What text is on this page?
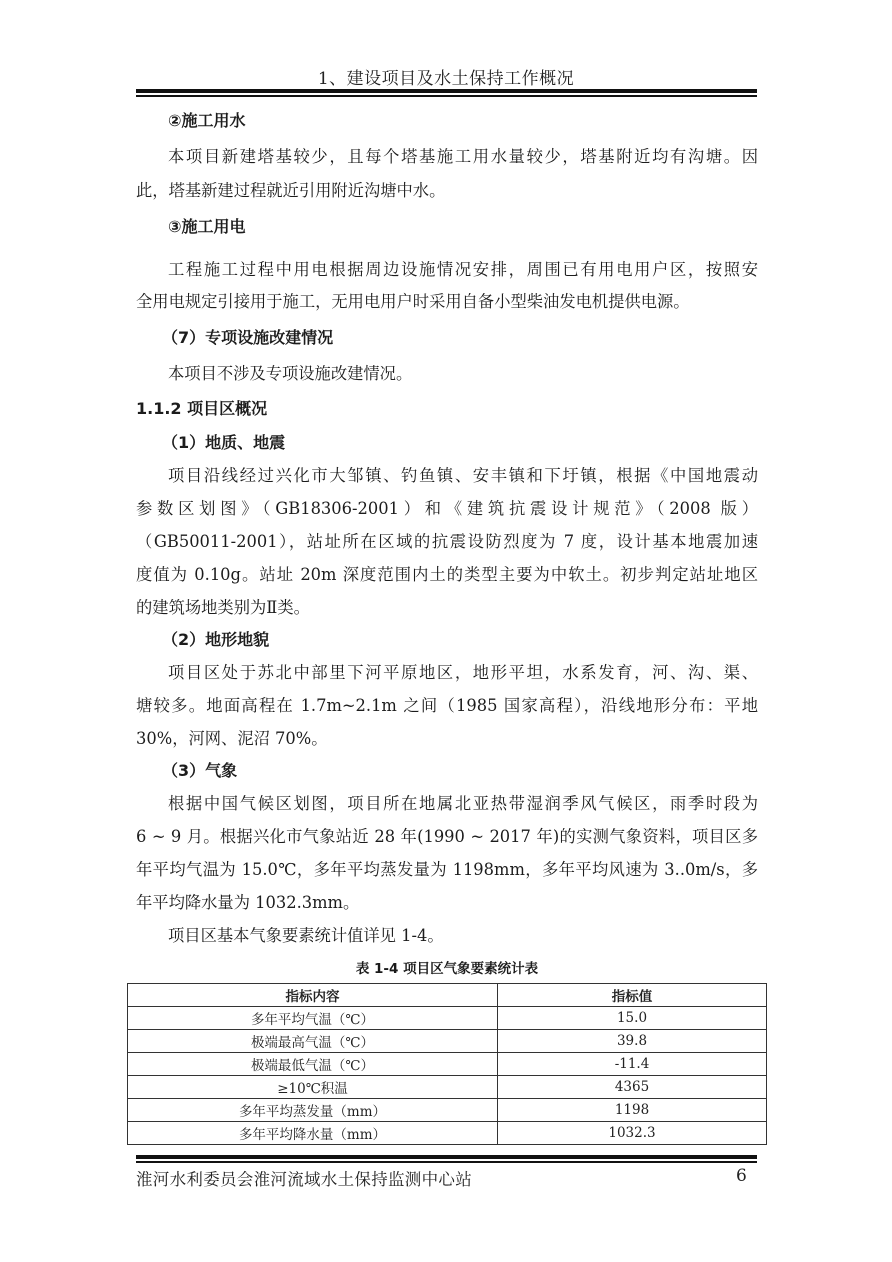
1、建设项目及水土保持工作概况
②施工用水
本项目新建塔基较少，且每个塔基施工用水量较少，塔基附近均有沟塘。因
此，塔基新建过程就近引用附近沟塘中水。
③施工用电
工程施工过程中用电根据周边设施情况安排，周围已有用电用户区，按照安
全用电规定引接用于施工，无用电用户时采用自备小型柴油发电机提供电源。
（7）专项设施改建情况
本项目不涉及专项设施改建情况。
1.1.2 项目区概况
（1）地质、地震
项目沿线经过兴化市大邹镇、钓鱼镇、安丰镇和下圩镇，根据《中国地震动
参数区划图》（GB18306-2001）和《建筑抗震设计规范》（2008 版）
（GB50011-2001），站址所在区域的抗震设防烈度为 7 度，设计基本地震加速
度值为 0.10g。站址 20m 深度范围内土的类型主要为中软土。初步判定站址地区
的建筑场地类别为Ⅱ类。
（2）地形地貌
项目区处于苏北中部里下河平原地区，地形平坦，水系发育，河、沟、渠、
塘较多。地面高程在 1.7m~2.1m 之间（1985 国家高程），沿线地形分布：平地
30%，河网、泥沼 70%。
（3）气象
根据中国气候区划图，项目所在地属北亚热带湿润季风气候区，雨季时段为
6 ~ 9 月。根据兴化市气象站近 28 年(1990 ~ 2017 年)的实测气象资料，项目区多
年平均气温为 15.0℃，多年平均蒸发量为 1198mm，多年平均风速为 3..0m/s，多
年平均降水量为 1032.3mm。
项目区基本气象要素统计值详见 1-4。
表 1-4 项目区气象要素统计表
指标内容	指标值
多年平均气温（℃）	15.0
极端最高气温（℃）	39.8
极端最低气温（℃）	-11.4
≥10℃积温	4365
多年平均蒸发量（mm）	1198
多年平均降水量（mm）	1032.3
淮河水利委员会淮河流域水土保持监测中心站	6
